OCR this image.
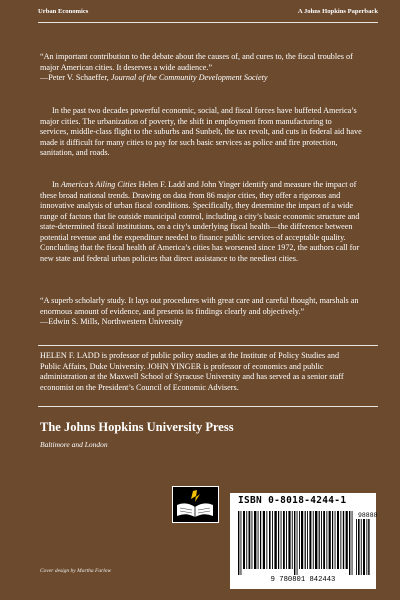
Urban Economics	A Johns Hopkins Paperback

“An important contribution to the debate about the causes of, and cures to, the fiscal troubles of major American cities. It deserves a wide audience.”
—Peter V. Schaeffer, Journal of the Community Development Society

In the past two decades powerful economic, social, and fiscal forces have buffeted America’s major cities. The urbanization of poverty, the shift in employment from manufacturing to services, middle-class flight to the suburbs and Sunbelt, the tax revolt, and cuts in federal aid have made it difficult for many cities to pay for such basic services as police and fire protection, sanitation, and roads.

In America’s Ailing Cities Helen F. Ladd and John Yinger identify and measure the impact of these broad national trends. Drawing on data from 86 major cities, they offer a rigorous and innovative analysis of urban fiscal conditions. Specifically, they determine the impact of a wide range of factors that lie outside municipal control, including a city’s basic economic structure and state-determined fiscal institutions, on a city’s underlying fiscal health—the difference between potential revenue and the expenditure needed to finance public services of acceptable quality. Concluding that the fiscal health of America’s cities has worsened since 1972, the authors call for new state and federal urban policies that direct assistance to the neediest cities.

“A superb scholarly study. It lays out procedures with great care and careful thought, marshals an enormous amount of evidence, and presents its findings clearly and objectively.”
—Edwin S. Mills, Northwestern University

HELEN F. LADD is professor of public policy studies at the Institute of Policy Studies and Public Affairs, Duke University. JOHN YINGER is professor of economics and public administration at the Maxwell School of Syracuse University and has served as a senior staff economist on the President’s Council of Economic Advisers.

The Johns Hopkins University Press
Baltimore and London
ISBN 0-8018-4244-1
98888
9 780801 842443
Cover design by Martha Farlow
